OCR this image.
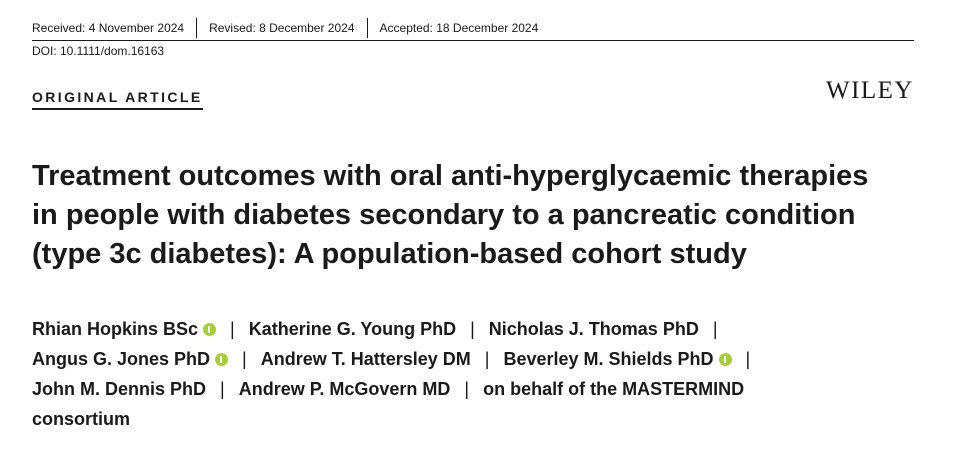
Received: 4 November 2024	Revised: 8 December 2024	Accepted: 18 December 2024
DOI: 10.1111/dom.16163
ORIGINAL ARTICLE	WILEY
Treatment outcomes with oral anti-hyperglycaemic therapies
in people with diabetes secondary to a pancreatic condition
(type 3c diabetes): A population-based cohort study
Rhian Hopkins BSc	| Katherine G. Young PhD | Nicholas J. Thomas PhD |
Angus G. Jones PhD	| Andrew T. Hattersley DM | Beverley M. Shields PhD	|
John M. Dennis PhD | Andrew P. McGovern MD | on behalf of the MASTERMIND
consortium
